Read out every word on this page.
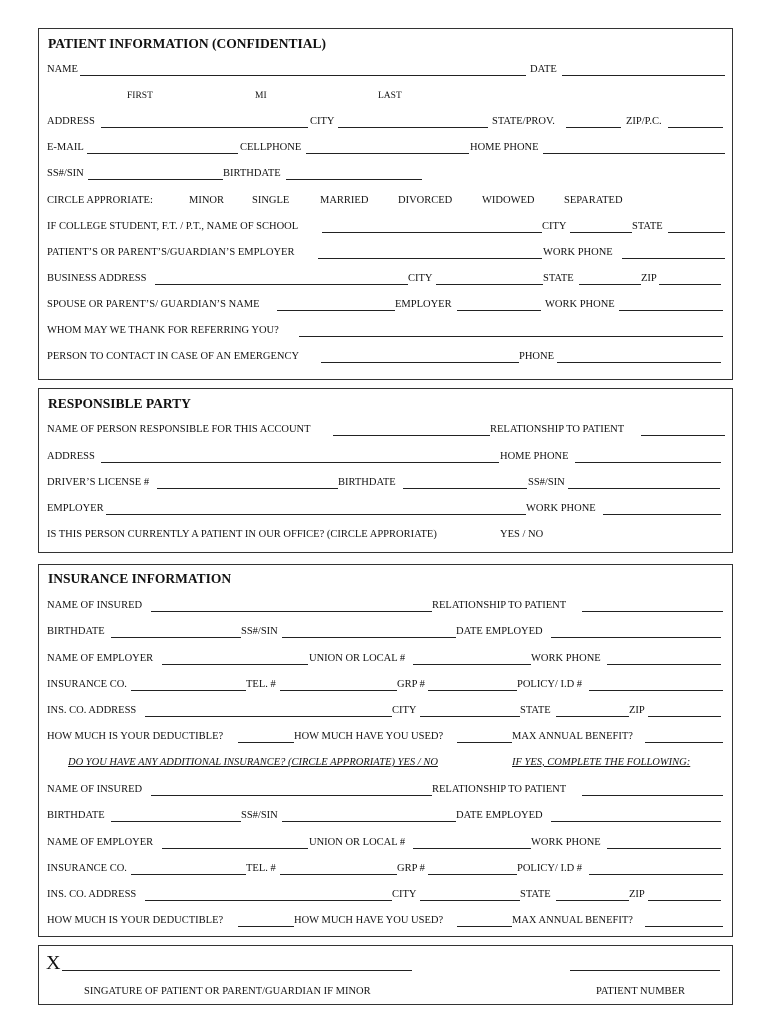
PATIENT INFORMATION (CONFIDENTIAL)
NAME	DATE
FIRST	MI	LAST
ADDRESS	CITY	STATE/PROV.	ZIP/P.C.
E-MAIL	CELLPHONE	HOME PHONE
SS#/SIN	BIRTHDATE
CIRCLE APPRORIATE:	MINOR	SINGLE	MARRIED	DIVORCED	WIDOWED	SEPARATED
IF COLLEGE STUDENT, F.T. / P.T., NAME OF SCHOOL	CITY	STATE
PATIENT’S OR PARENT’S/GUARDIAN’S EMPLOYER	WORK PHONE
BUSINESS ADDRESS	CITY	STATE	ZIP
SPOUSE OR PARENT’S/ GUARDIAN’S NAME	EMPLOYER	WORK PHONE
WHOM MAY WE THANK FOR REFERRING YOU?
PERSON TO CONTACT IN CASE OF AN EMERGENCY	PHONE
RESPONSIBLE PARTY
NAME OF PERSON RESPONSIBLE FOR THIS ACCOUNT	RELATIONSHIP TO PATIENT
ADDRESS	HOME PHONE
DRIVER’S LICENSE #	BIRTHDATE	SS#/SIN
EMPLOYER	WORK PHONE
IS THIS PERSON CURRENTLY A PATIENT IN OUR OFFICE? (CIRCLE APPRORIATE)	YES / NO
INSURANCE INFORMATION
NAME OF INSURED	RELATIONSHIP TO PATIENT
BIRTHDATE	SS#/SIN	DATE EMPLOYED
NAME OF EMPLOYER	UNION OR LOCAL #	WORK PHONE
INSURANCE CO.	TEL. #	GRP #	POLICY/ I.D #
INS. CO. ADDRESS	CITY	STATE	ZIP
HOW MUCH IS YOUR DEDUCTIBLE?	HOW MUCH HAVE YOU USED?	MAX ANNUAL BENEFIT?
DO YOU HAVE ANY ADDITIONAL INSURANCE? (CIRCLE APPRORIATE) YES / NO	IF YES, COMPLETE THE FOLLOWING:
NAME OF INSURED	RELATIONSHIP TO PATIENT
BIRTHDATE	SS#/SIN	DATE EMPLOYED
NAME OF EMPLOYER	UNION OR LOCAL #	WORK PHONE
INSURANCE CO.	TEL. #	GRP #	POLICY/ I.D #
INS. CO. ADDRESS	CITY	STATE	ZIP
HOW MUCH IS YOUR DEDUCTIBLE?	HOW MUCH HAVE YOU USED?	MAX ANNUAL BENEFIT?
X
SINGATURE OF PATIENT OR PARENT/GUARDIAN IF MINOR	PATIENT NUMBER
